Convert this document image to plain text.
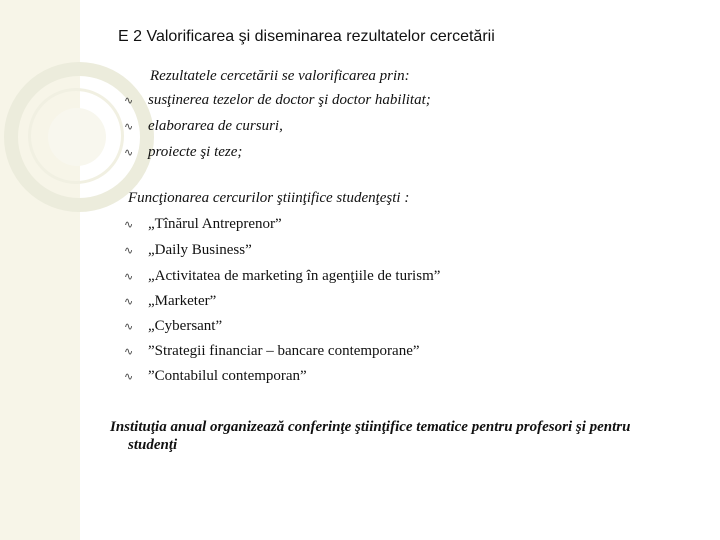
E 2 Valorificarea şi diseminarea rezultatelor cercetării
Rezultatele cercetării se valorificarea prin:
∿ susţinerea tezelor de doctor şi doctor habilitat;
∿ elaborarea de cursuri,
∿ proiecte şi teze;
Funcţionarea cercurilor ştiinţifice studenţeşti :
∿ „Tînărul Antreprenor”
∿ „Daily Business”
∿ „Activitatea de marketing în agenţiile de turism”
∿ „Marketer”
∿ „Cybersant”
∿ ”Strategii financiar – bancare contemporane”
∿ ”Contabilul contemporan”
Instituţia anual organizează conferinţe ştiinţifice tematice pentru profesori şi pentru studenţi
